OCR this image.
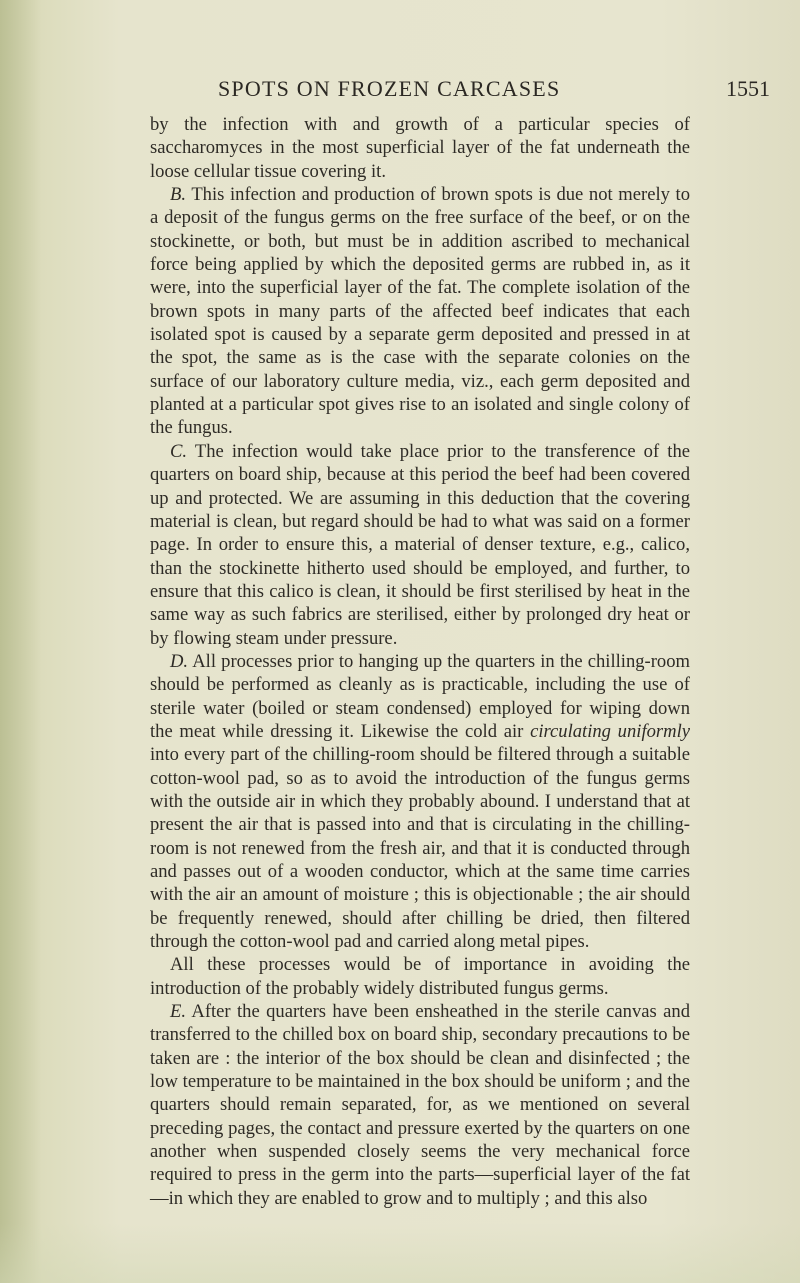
SPOTS ON FROZEN CARCASES	1551

by the infection with and growth of a particular species of saccharomyces in the most superficial layer of the fat underneath the loose cellular tissue covering it.

B. This infection and production of brown spots is due not merely to a deposit of the fungus germs on the free surface of the beef, or on the stockinette, or both, but must be in addition ascribed to mechanical force being applied by which the deposited germs are rubbed in, as it were, into the superficial layer of the fat. The complete isolation of the brown spots in many parts of the affected beef indicates that each isolated spot is caused by a separate germ deposited and pressed in at the spot, the same as is the case with the separate colonies on the surface of our laboratory culture media, viz., each germ deposited and planted at a particular spot gives rise to an isolated and single colony of the fungus.

C. The infection would take place prior to the transference of the quarters on board ship, because at this period the beef had been covered up and protected. We are assuming in this deduction that the covering material is clean, but regard should be had to what was said on a former page. In order to ensure this, a material of denser texture, e.g., calico, than the stockinette hitherto used should be employed, and further, to ensure that this calico is clean, it should be first sterilised by heat in the same way as such fabrics are sterilised, either by prolonged dry heat or by flowing steam under pressure.

D. All processes prior to hanging up the quarters in the chilling-room should be performed as cleanly as is practicable, including the use of sterile water (boiled or steam condensed) employed for wiping down the meat while dressing it. Likewise the cold air circulating uniformly into every part of the chilling-room should be filtered through a suitable cotton-wool pad, so as to avoid the introduction of the fungus germs with the outside air in which they probably abound. I understand that at present the air that is passed into and that is circulating in the chilling-room is not renewed from the fresh air, and that it is conducted through and passes out of a wooden conductor, which at the same time carries with the air an amount of moisture ; this is objectionable ; the air should be frequently renewed, should after chilling be dried, then filtered through the cotton-wool pad and carried along metal pipes.

All these processes would be of importance in avoiding the introduction of the probably widely distributed fungus germs.

E. After the quarters have been ensheathed in the sterile canvas and transferred to the chilled box on board ship, secondary precautions to be taken are : the interior of the box should be clean and disinfected ; the low temperature to be maintained in the box should be uniform ; and the quarters should remain separated, for, as we mentioned on several preceding pages, the contact and pressure exerted by the quarters on one another when suspended closely seems the very mechanical force required to press in the germ into the parts—superficial layer of the fat —in which they are enabled to grow and to multiply ; and this also
